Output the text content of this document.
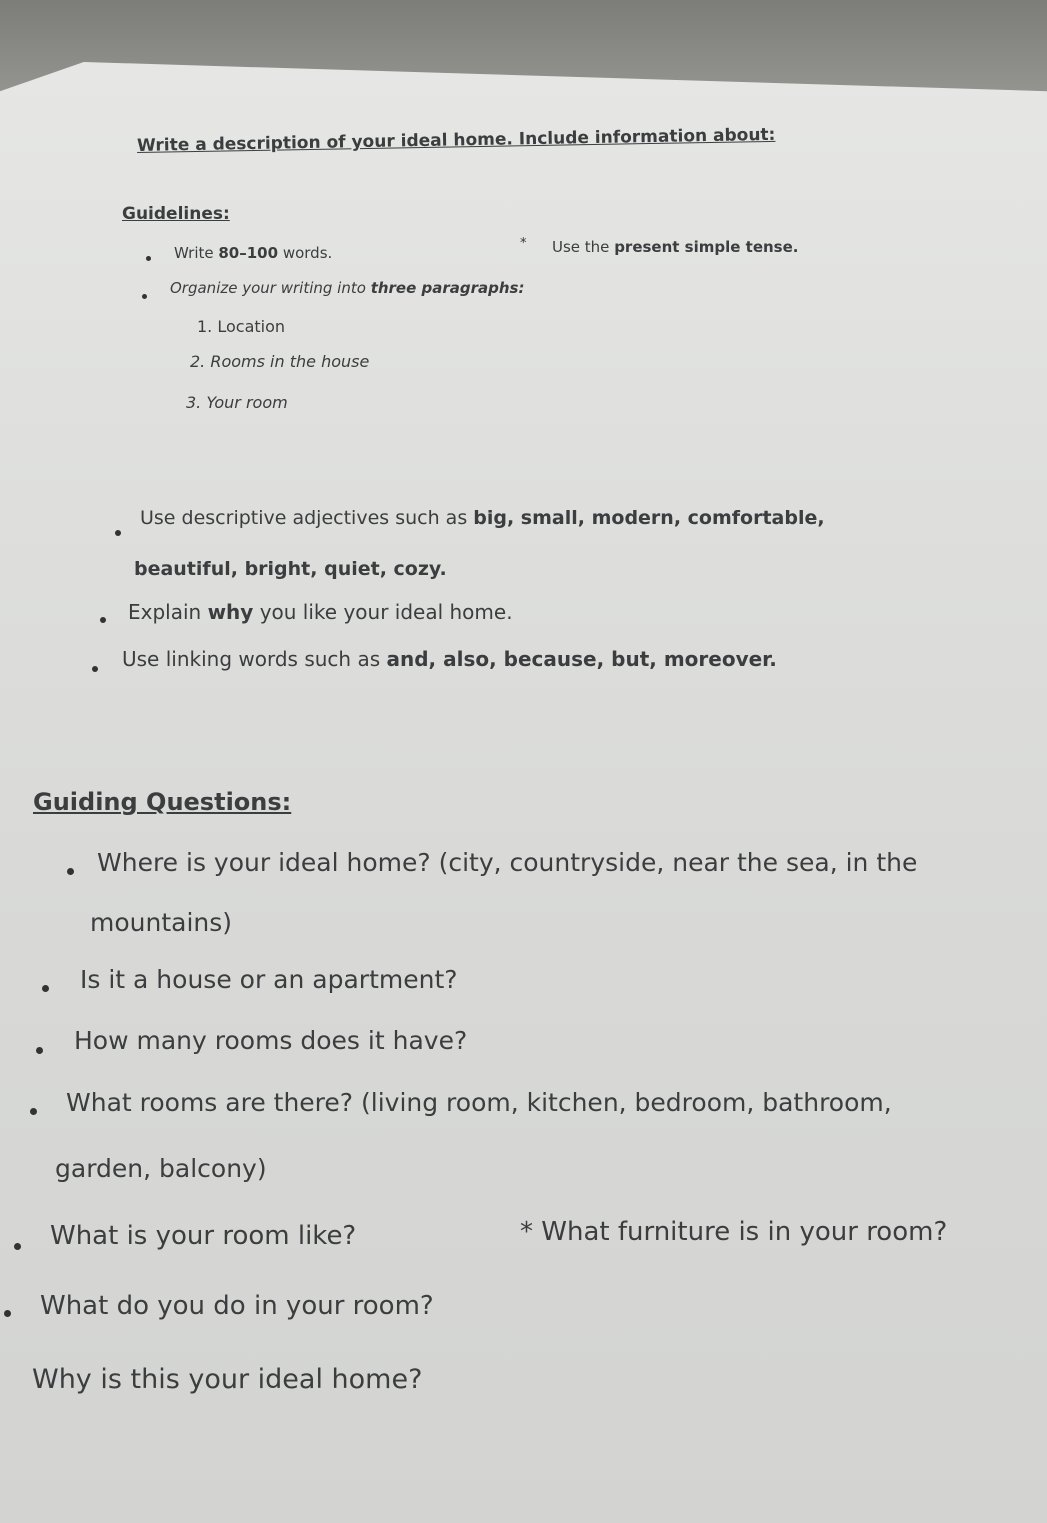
Write a description of your ideal home. Include information about:
Guidelines:
Write 80–100 words.
* Use the present simple tense.
Organize your writing into three paragraphs:
1. Location
2. Rooms in the house
3. Your room
Use descriptive adjectives such as big, small, modern, comfortable,
beautiful, bright, quiet, cozy.
Explain why you like your ideal home.
Use linking words such as and, also, because, but, moreover.
Guiding Questions:
Where is your ideal home? (city, countryside, near the sea, in the
mountains)
Is it a house or an apartment?
How many rooms does it have?
What rooms are there? (living room, kitchen, bedroom, bathroom,
garden, balcony)
What is your room like?	* What furniture is in your room?
What do you do in your room?
Why is this your ideal home?
